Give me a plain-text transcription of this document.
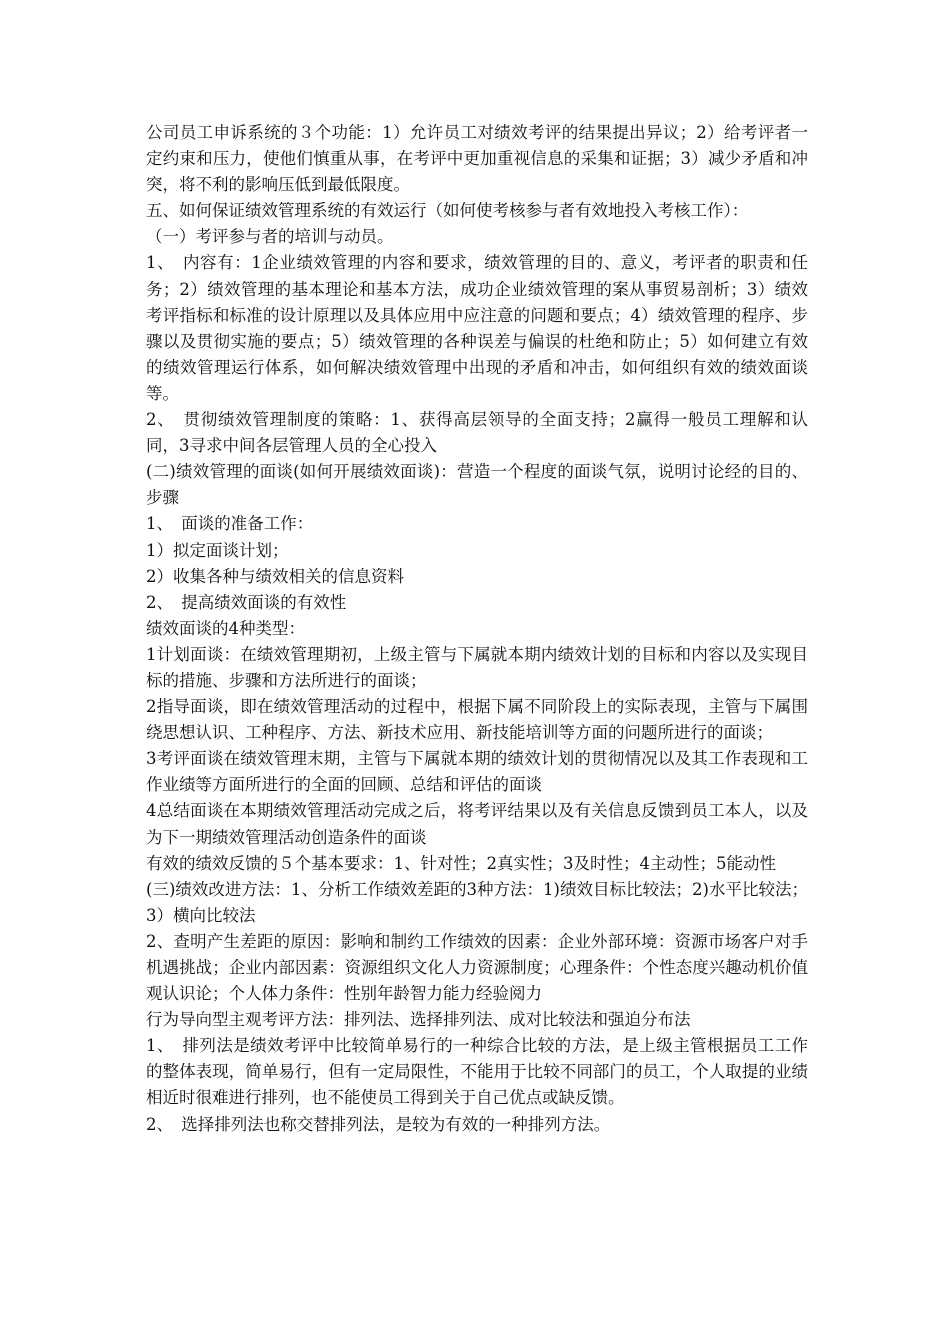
公司员工申诉系统的３个功能：1）允许员工对绩效考评的结果提出异议；2）给考评者一定约束和压力，使他们慎重从事，在考评中更加重视信息的采集和证据；3）减少矛盾和冲突，将不利的影响压低到最低限度。

五、如何保证绩效管理系统的有效运行（如何使考核参与者有效地投入考核工作）：

（一）考评参与者的培训与动员。

1、　内容有：1企业绩效管理的内容和要求，绩效管理的目的、意义，考评者的职责和任务；2）绩效管理的基本理论和基本方法，成功企业绩效管理的案从事贸易剖析；3）绩效考评指标和标准的设计原理以及具体应用中应注意的问题和要点；4）绩效管理的程序、步骤以及贯彻实施的要点；5）绩效管理的各种误差与偏误的杜绝和防止；5）如何建立有效的绩效管理运行体系，如何解决绩效管理中出现的矛盾和冲击，如何组织有效的绩效面谈等。

2、　贯彻绩效管理制度的策略：1、获得高层领导的全面支持；2赢得一般员工理解和认同，3寻求中间各层管理人员的全心投入

(二)绩效管理的面谈(如何开展绩效面谈)：营造一个程度的面谈气氛，说明讨论经的目的、步骤

1、　面谈的准备工作：

1）拟定面谈计划；

2）收集各种与绩效相关的信息资料

2、　提高绩效面谈的有效性

绩效面谈的4种类型：

1计划面谈：在绩效管理期初，上级主管与下属就本期内绩效计划的目标和内容以及实现目标的措施、步骤和方法所进行的面谈；

2指导面谈，即在绩效管理活动的过程中，根据下属不同阶段上的实际表现，主管与下属围绕思想认识、工种程序、方法、新技术应用、新技能培训等方面的问题所进行的面谈；

3考评面谈在绩效管理末期，主管与下属就本期的绩效计划的贯彻情况以及其工作表现和工作业绩等方面所进行的全面的回顾、总结和评估的面谈

4总结面谈在本期绩效管理活动完成之后，将考评结果以及有关信息反馈到员工本人，以及为下一期绩效管理活动创造条件的面谈

有效的绩效反馈的５个基本要求：1、针对性；2真实性；3及时性；4主动性；5能动性

(三)绩效改进方法：1、分析工作绩效差距的3种方法：1)绩效目标比较法；2)水平比较法；3）横向比较法

2、查明产生差距的原因：影响和制约工作绩效的因素：企业外部环境：资源市场客户对手机遇挑战；企业内部因素：资源组织文化人力资源制度；心理条件：个性态度兴趣动机价值观认识论；个人体力条件：性别年龄智力能力经验阅力

行为导向型主观考评方法：排列法、选择排列法、成对比较法和强迫分布法

1、　排列法是绩效考评中比较简单易行的一种综合比较的方法，是上级主管根据员工工作的整体表现，简单易行，但有一定局限性，不能用于比较不同部门的员工，个人取提的业绩相近时很难进行排列，也不能使员工得到关于自己优点或缺反馈。

2、　选择排列法也称交替排列法，是较为有效的一种排列方法。
